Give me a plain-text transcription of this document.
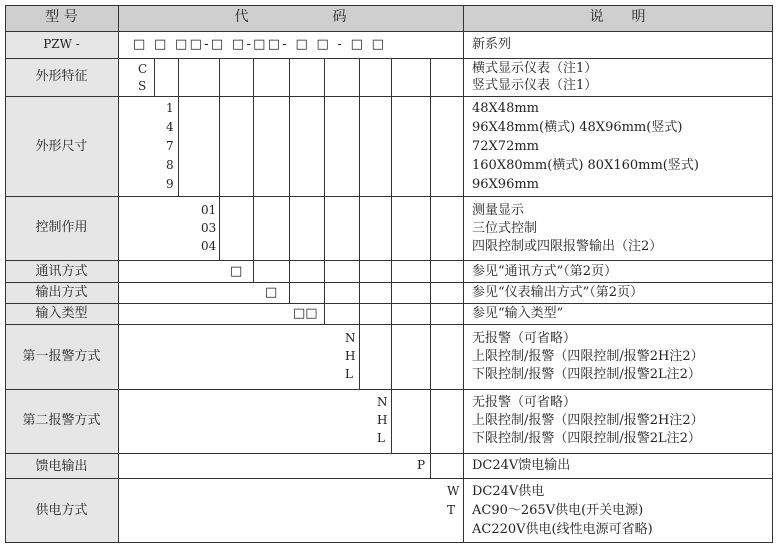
型 号	代　　　　　　码	说　　明
PZW -
外形特征
外形尺寸
控制作用
通讯方式
输出方式
输入类型
第一报警方式
第二报警方式
馈电输出
供电方式
□ □ □□-□ □-□□- □ □ - □ □
C
S
1
4
7
8
9
01
03
04
□
□
□□
N
H
L
N
H
L
P
W
T
新系列
横式显示仪表（注1）
竖式显示仪表（注1）
48X48mm
96X48mm(横式) 48X96mm(竖式)
72X72mm
160X80mm(横式) 80X160mm(竖式)
96X96mm
测量显示
三位式控制
四限控制或四限报警输出（注2）
参见“通讯方式”（第2页）
参见“仪表输出方式”（第2页）
参见“输入类型”
无报警（可省略）
上限控制/报警（四限控制/报警2H注2）
下限控制/报警（四限控制/报警2L注2）
无报警（可省略）
上限控制/报警（四限控制/报警2H注2）
下限控制/报警（四限控制/报警2L注2）
DC24V馈电输出
DC24V供电
AC90～265V供电(开关电源)
AC220V供电(线性电源可省略)
